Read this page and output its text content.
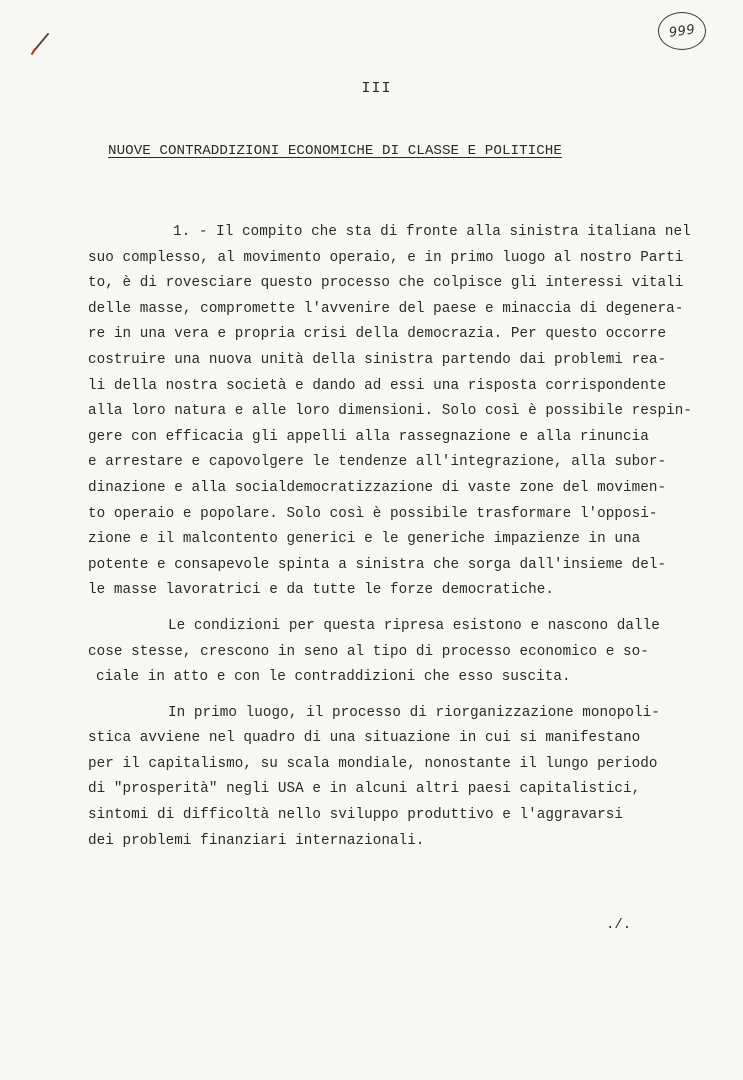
999
III
NUOVE CONTRADDIZIONI ECONOMICHE DI CLASSE E POLITICHE
1. - Il compito che sta di fronte alla sinistra italiana nel
suo complesso, al movimento operaio, e in primo luogo al nostro Parti
to, è di rovesciare questo processo che colpisce gli interessi vitali
delle masse, compromette l'avvenire del paese e minaccia di degenera-
re in una vera e propria crisi della democrazia. Per questo occorre
costruire una nuova unità della sinistra partendo dai problemi rea-
li della nostra società e dando ad essi una risposta corrispondente
alla loro natura e alle loro dimensioni. Solo così è possibile respin-
gere con efficacia gli appelli alla rassegnazione e alla rinuncia
e arrestare e capovolgere le tendenze all'integrazione, alla subor-
dinazione e alla socialdemocratizzazione di vaste zone del movimen-
to operaio e popolare. Solo così è possibile trasformare l'opposi-
zione e il malcontento generici e le generiche impazienze in una
potente e consapevole spinta a sinistra che sorga dall'insieme del-
le masse lavoratrici e da tutte le forze democratiche.
Le condizioni per questa ripresa esistono e nascono dalle
cose stesse, crescono in seno al tipo di processo economico e so-
ciale in atto e con le contraddizioni che esso suscita.
In primo luogo, il processo di riorganizzazione monopoli-
stica avviene nel quadro di una situazione in cui si manifestano
per il capitalismo, su scala mondiale, nonostante il lungo periodo
di "prosperità" negli USA e in alcuni altri paesi capitalistici,
sintomi di difficoltà nello sviluppo produttivo e l'aggravarsi
dei problemi finanziari internazionali.
./.
